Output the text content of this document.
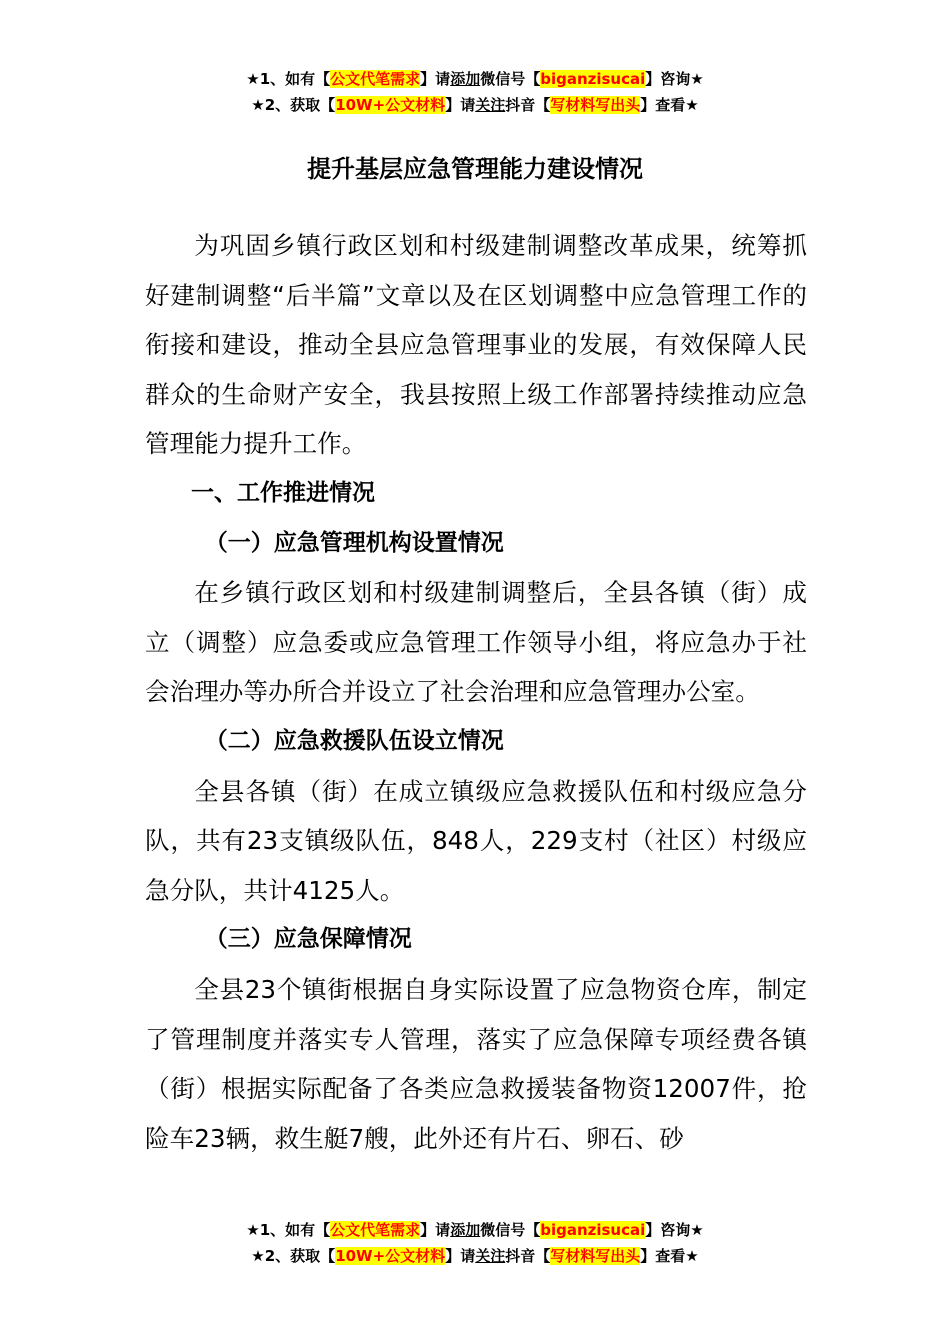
★1、如有【公文代笔需求】请添加微信号【biganzisucai】咨询★
★2、获取【10W+公文材料】请关注抖音【写材料写出头】查看★
提升基层应急管理能力建设情况

为巩固乡镇行政区划和村级建制调整改革成果，统筹抓好建制调整“后半篇”文章以及在区划调整中应急管理工作的衔接和建设，推动全县应急管理事业的发展，有效保障人民群众的生命财产安全，我县按照上级工作部署持续推动应急管理能力提升工作。

一、工作推进情况

（一）应急管理机构设置情况

在乡镇行政区划和村级建制调整后，全县各镇（街）成立（调整）应急委或应急管理工作领导小组，将应急办于社会治理办等办所合并设立了社会治理和应急管理办公室。

（二）应急救援队伍设立情况

全县各镇（街）在成立镇级应急救援队伍和村级应急分队，共有23支镇级队伍，848人，229支村（社区）村级应急分队，共计4125人。

（三）应急保障情况

全县23个镇街根据自身实际设置了应急物资仓库，制定了管理制度并落实专人管理，落实了应急保障专项经费各镇（街）根据实际配备了各类应急救援装备物资12007件，抢险车23辆，救生艇7艘，此外还有片石、卵石、砂

★1、如有【公文代笔需求】请添加微信号【biganzisucai】咨询★
★2、获取【10W+公文材料】请关注抖音【写材料写出头】查看★
